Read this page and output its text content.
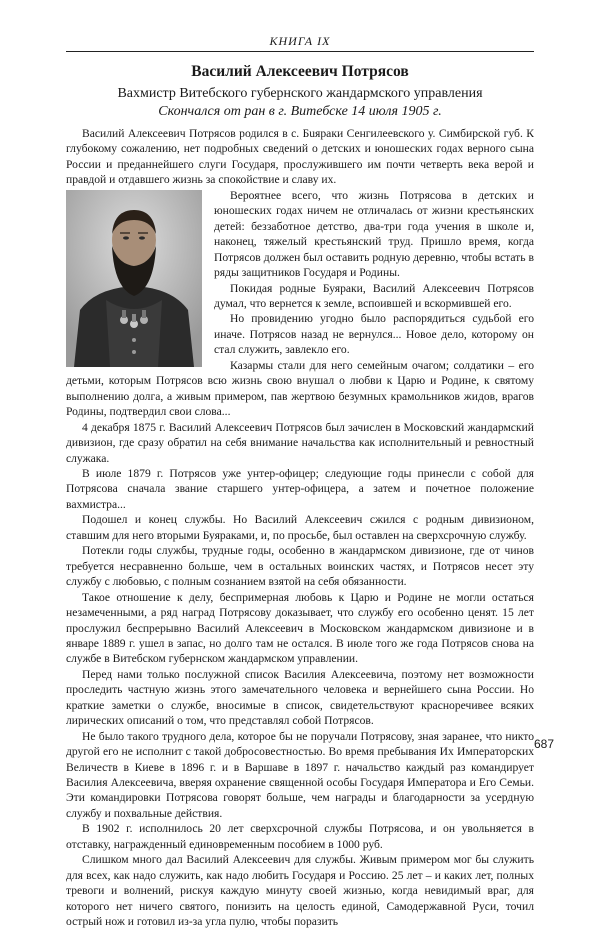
КНИГА IX
Василий Алексеевич Потрясов
Вахмистр Витебского губернского жандармского управления
Скончался от ран в г. Витебске 14 июля 1905 г.

Василий Алексеевич Потрясов родился в с. Бuяраки Сенгилеевского у. Симбирской губ. К глубокому сожалению, нет подробных сведений о детских и юношеских годах верного сына России и преданнейшего слуги Государя, прослужившего им почти четверть века верой и правдой и отдавшего жизнь за спокойствие и славу их.

Вероятнее всего, что жизнь Потрясова в детских и юношеских годах ничем не отличалась от жизни крестьянских детей: беззаботное детство, два-три года учения в школе и, наконец, тяжелый крестьянский труд. Пришло время, когда Потрясов должен был оставить родную деревню, чтобы встать в ряды защитников Государя и Родины.

Покидая родные Буяраки, Василий Алексеевич Потрясов думал, что вернется к земле, вспоившей и вскормившей его.

Но провидению угодно было распорядиться судьбой его иначе. Потрясов назад не вернулся... Новое дело, которому он стал служить, завлекло его.

Казармы стали для него семейным очагом; солдатики – его детьми, которым Потрясов всю жизнь свою внушал о любви к Царю и Родине, к святому выполнению долга, а живым примером, пав жертвою безумных крамольников жидов, врагов Родины, подтвердил свои слова...

4 декабря 1875 г. Василий Алексеевич Потрясов был зачислен в Московский жандармский дивизион, где сразу обратил на себя внимание начальства как исполнительный и ревностный служака.

В июле 1879 г. Потрясов уже унтер-офицер; следующие годы принесли с собой для Потрясова сначала звание старшего унтер-офицера, а затем и почетное положение вахмистра...

Подошел и конец службы. Но Василий Алексеевич сжился с родным дивизионом, ставшим для него вторыми Буяраками, и, по просьбе, был оставлен на сверхсрочную службу.

Потекли годы службы, трудные годы, особенно в жандармском дивизионе, где от чинов требуется несравненно больше, чем в остальных воинских частях, и Потрясов несет эту службу с любовью, с полным сознанием взятой на себя обязанности.

Такое отношение к делу, беспримерная любовь к Царю и Родине не могли остаться незамеченными, а ряд наград Потрясову доказывает, что службу его особенно ценят. 15 лет прослужил беспрерывно Василий Алексеевич в Московском жандармском дивизионе и в январе 1889 г. ушел в запас, но долго там не остался. В июле того же года Потрясов снова на службе в Витебском губернском жандармском управлении.

Перед нами только послужной список Василия Алексеевича, поэтому нет возможности проследить частную жизнь этого замечательного человека и вернейшего сына России. Но краткие заметки о службе, вносимые в список, свидетельствуют красноречивее всяких лирических описаний о том, что представлял собой Потрясов.

Не было такого трудного дела, которое бы не поручали Потрясову, зная заранее, что никто другой его не исполнит с такой добросовестностью. Во время пребывания Их Императорских Величеств в Киеве в 1896 г. и в Варшаве в 1897 г. начальство каждый раз командирует Василия Алексеевича, вверяя охранение священной особы Государя Императора и Его Семьи. Эти командировки Потрясова говорят больше, чем награды и благодарности за усердную службу и похвальные действия.

В 1902 г. исполнилось 20 лет сверхсрочной службы Потрясова, и он увольняется в отставку, награжденный единовременным пособием в 1000 руб.

Слишком много дал Василий Алексеевич для службы. Живым примером мог бы служить для всех, как надо служить, как надо любить Государя и Россию. 25 лет – и каких лет, полных тревоги и волнений, рискуя каждую минуту своей жизнью, когда невидимый враг, для которого нет ничего святого, понизить на целость единой, Самодержавной Руси, точил острый нож и готовил из-за угла пулю, чтобы поразить

687
